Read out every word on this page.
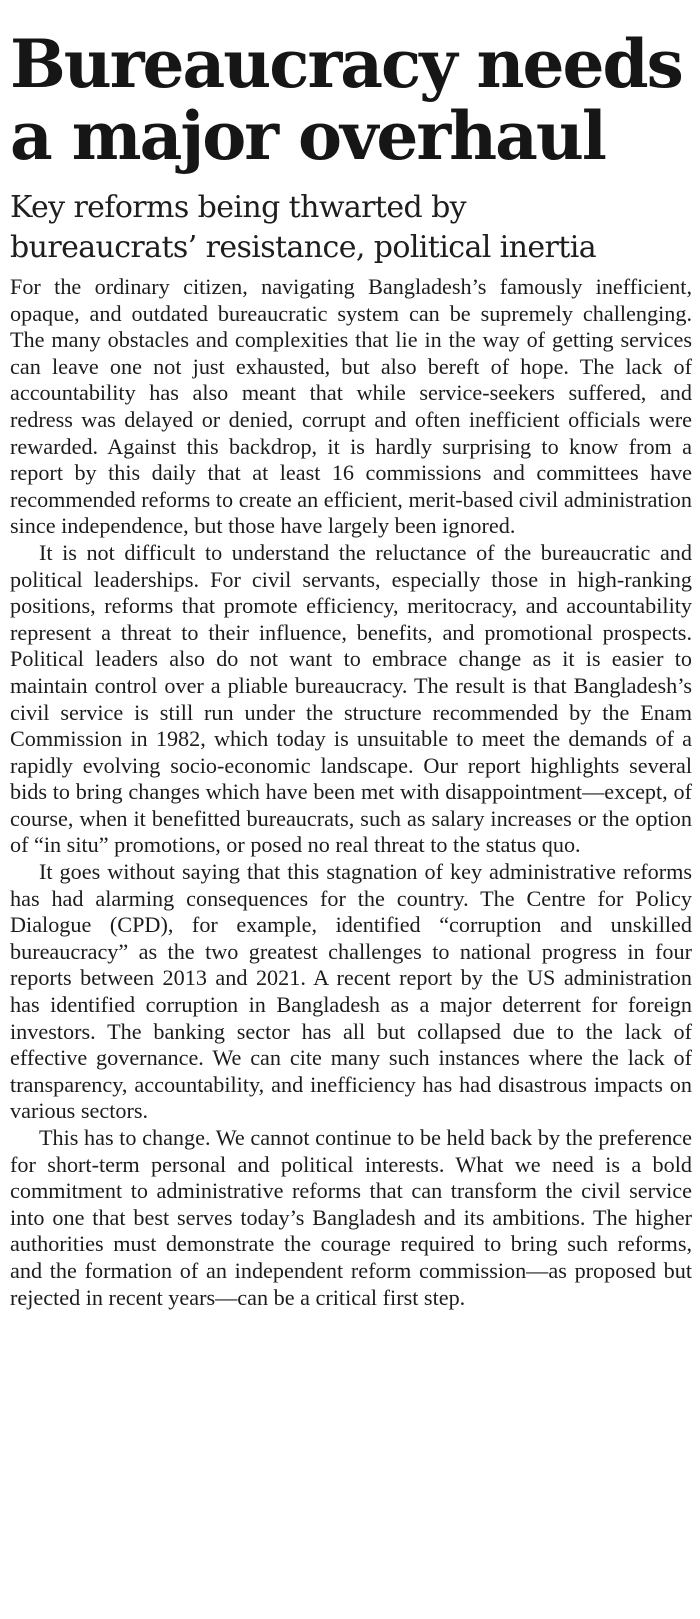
Bureaucracy needs
a major overhaul
Key reforms being thwarted by
bureaucrats’ resistance, political inertia

For the ordinary citizen, navigating Bangladesh’s famously inefficient, opaque, and outdated bureaucratic system can be supremely challenging. The many obstacles and complexities that lie in the way of getting services can leave one not just exhausted, but also bereft of hope. The lack of accountability has also meant that while service-seekers suffered, and redress was delayed or denied, corrupt and often inefficient officials were rewarded. Against this backdrop, it is hardly surprising to know from a report by this daily that at least 16 commissions and committees have recommended reforms to create an efficient, merit-based civil administration since independence, but those have largely been ignored.

It is not difficult to understand the reluctance of the bureaucratic and political leaderships. For civil servants, especially those in high-ranking positions, reforms that promote efficiency, meritocracy, and accountability represent a threat to their influence, benefits, and promotional prospects. Political leaders also do not want to embrace change as it is easier to maintain control over a pliable bureaucracy. The result is that Bangladesh’s civil service is still run under the structure recommended by the Enam Commission in 1982, which today is unsuitable to meet the demands of a rapidly evolving socio-economic landscape. Our report highlights several bids to bring changes which have been met with disappointment—except, of course, when it benefitted bureaucrats, such as salary increases or the option of “in situ” promotions, or posed no real threat to the status quo.

It goes without saying that this stagnation of key administrative reforms has had alarming consequences for the country. The Centre for Policy Dialogue (CPD), for example, identified “corruption and unskilled bureaucracy” as the two greatest challenges to national progress in four reports between 2013 and 2021. A recent report by the US administration has identified corruption in Bangladesh as a major deterrent for foreign investors. The banking sector has all but collapsed due to the lack of effective governance. We can cite many such instances where the lack of transparency, accountability, and inefficiency has had disastrous impacts on various sectors.

This has to change. We cannot continue to be held back by the preference for short-term personal and political interests. What we need is a bold commitment to administrative reforms that can transform the civil service into one that best serves today’s Bangladesh and its ambitions. The higher authorities must demonstrate the courage required to bring such reforms, and the formation of an independent reform commission—as proposed but rejected in recent years—can be a critical first step.
